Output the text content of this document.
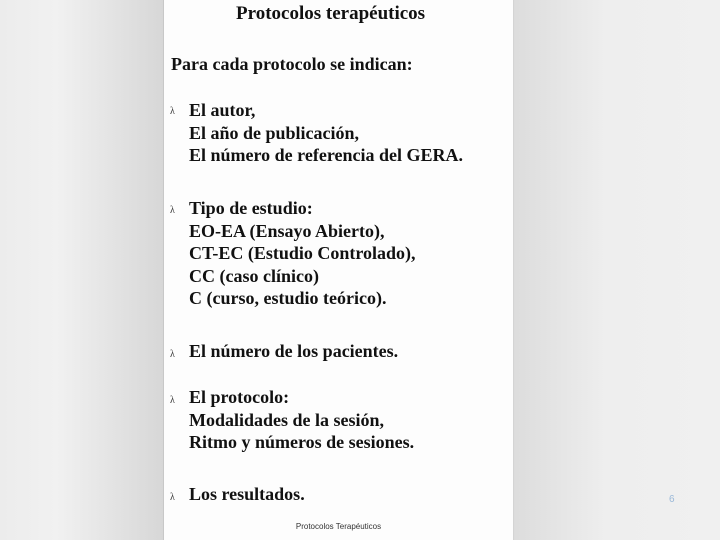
Protocolos terapéuticos
Para cada protocolo se indican:
λ El autor,
El año de publicación,
El número de referencia del GERA.
λ Tipo de estudio:
EO-EA (Ensayo Abierto),
CT-EC (Estudio Controlado),
CC (caso clínico)
C (curso, estudio teórico).
λ El número de los pacientes.
λ El protocolo:
Modalidades de la sesión,
Ritmo y números de sesiones.
λ Los resultados.
Protocolos Terapéuticos
6
